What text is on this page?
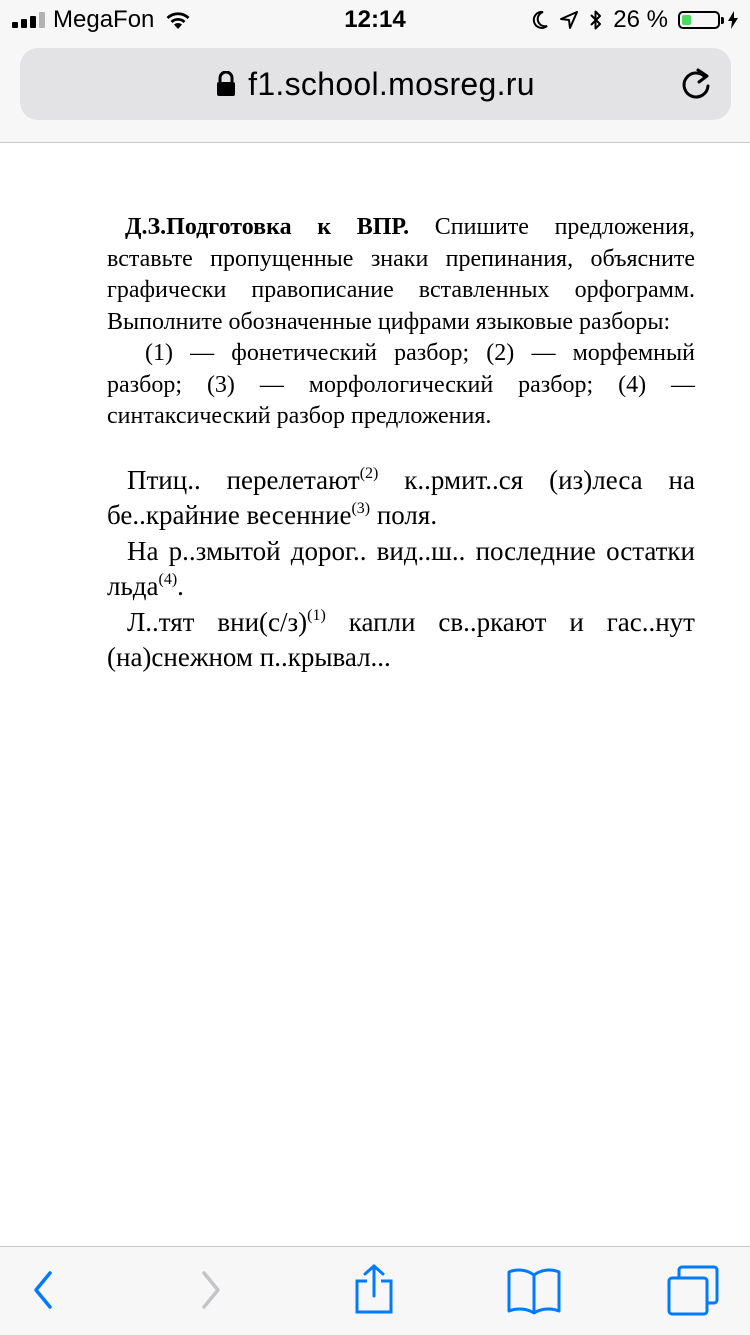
MegaFon	12:14	26 %
f1.school.mosreg.ru

Д.З.Подготовка к ВПР. Спишите предложения, вставьте пропущенные знаки препинания, объясните графически правописание вставленных орфограмм. Выполните обозначенные цифрами языковые разборы:

(1) — фонетический разбор; (2) — морфемный разбор; (3) — морфологический разбор; (4) — синтаксический разбор предложения.

Птиц.. перелетают$^{(2)}$ к..рмит..ся (из)леса на бе..крайние весенние$^{(3)}$ поля.

На р..змытой дорог.. вид..ш.. последние остатки льда$^{(4)}$.

Л..тят $вни(с/з)^{(1)}$ капли св..ркают и гас..нут (на)снежном п..крывал...
